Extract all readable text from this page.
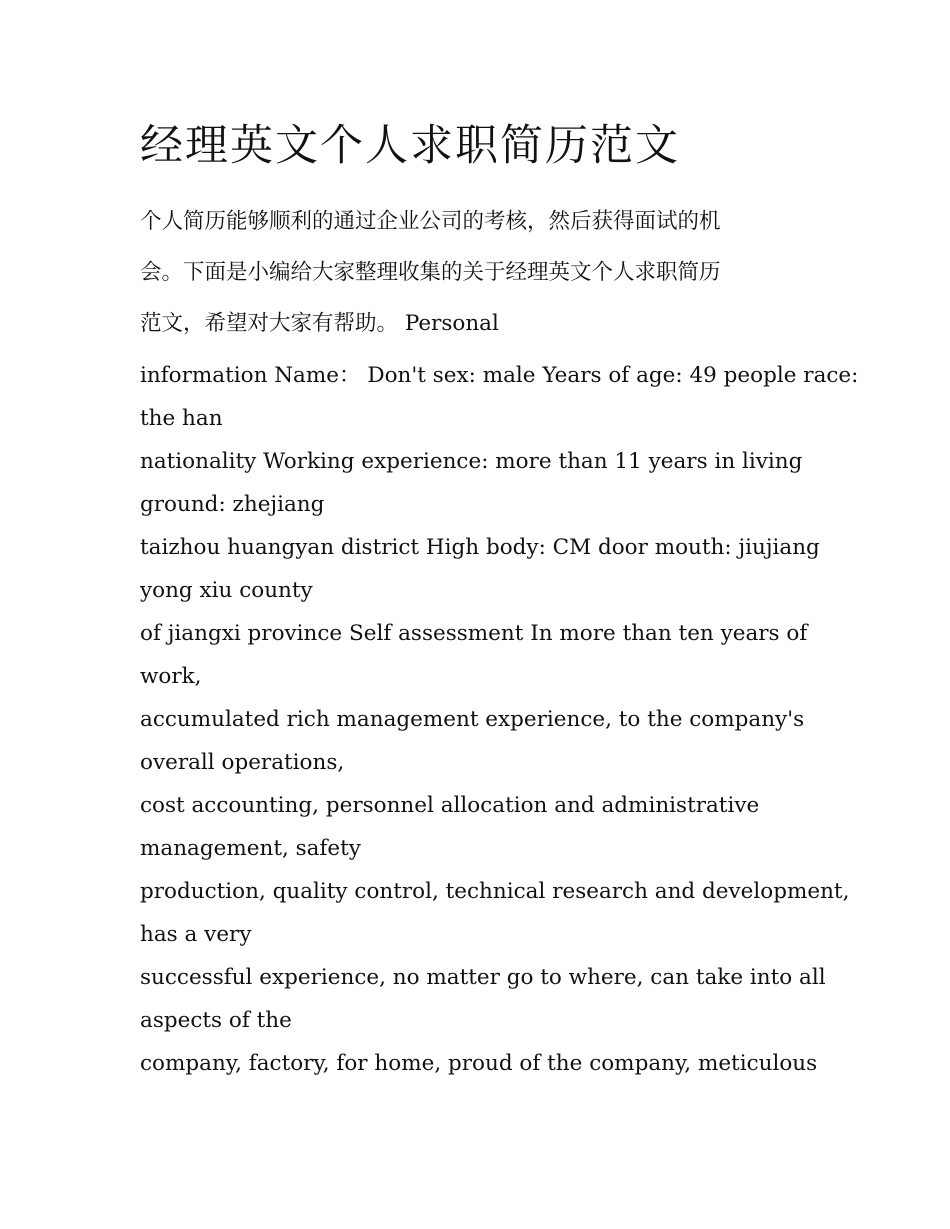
经理英文个人求职简历范文
个人简历能够顺利的通过企业公司的考核，然后获得面试的机
会。下面是小编给大家整理收集的关于经理英文个人求职简历
范文，希望对大家有帮助。 Personal
information Name： Don't sex: male Years of age: 49 people race:
the han
nationality Working experience: more than 11 years in living
ground: zhejiang
taizhou huangyan district High body: CM door mouth: jiujiang
yong xiu county
of jiangxi province Self assessment In more than ten years of
work,
accumulated rich management experience, to the company's
overall operations,
cost accounting, personnel allocation and administrative
management, safety
production, quality control, technical research and development,
has a very
successful experience, no matter go to where, can take into all
aspects of the
company, factory, for home, proud of the company, meticulous
